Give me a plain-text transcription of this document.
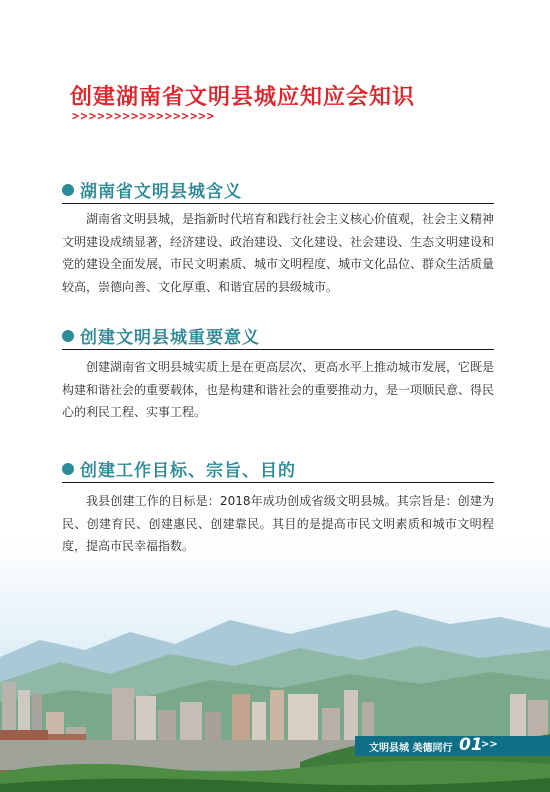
创建湖南省文明县城应知应会知识
>>>>>>>>>>>>>>>>>
湖南省文明县城含义
湖南省文明县城，是指新时代培育和践行社会主义核心价值观，社会主义精神文明建设成绩显著，经济建设、政治建设、文化建设、社会建设、生态文明建设和党的建设全面发展，市民文明素质、城市文明程度、城市文化品位、群众生活质量较高，崇德向善、文化厚重、和谐宜居的县级城市。
创建文明县城重要意义
创建湖南省文明县城实质上是在更高层次、更高水平上推动城市发展，它既是构建和谐社会的重要载体，也是构建和谐社会的重要推动力，是一项顺民意、得民心的利民工程、实事工程。
创建工作目标、宗旨、目的
我县创建工作的目标是：2018年成功创成省级文明县城。其宗旨是：创建为民、创建育民、创建惠民、创建靠民。其目的是提高市民文明素质和城市文明程度，提高市民幸福指数。
文明县城 美德同行 01
>>
